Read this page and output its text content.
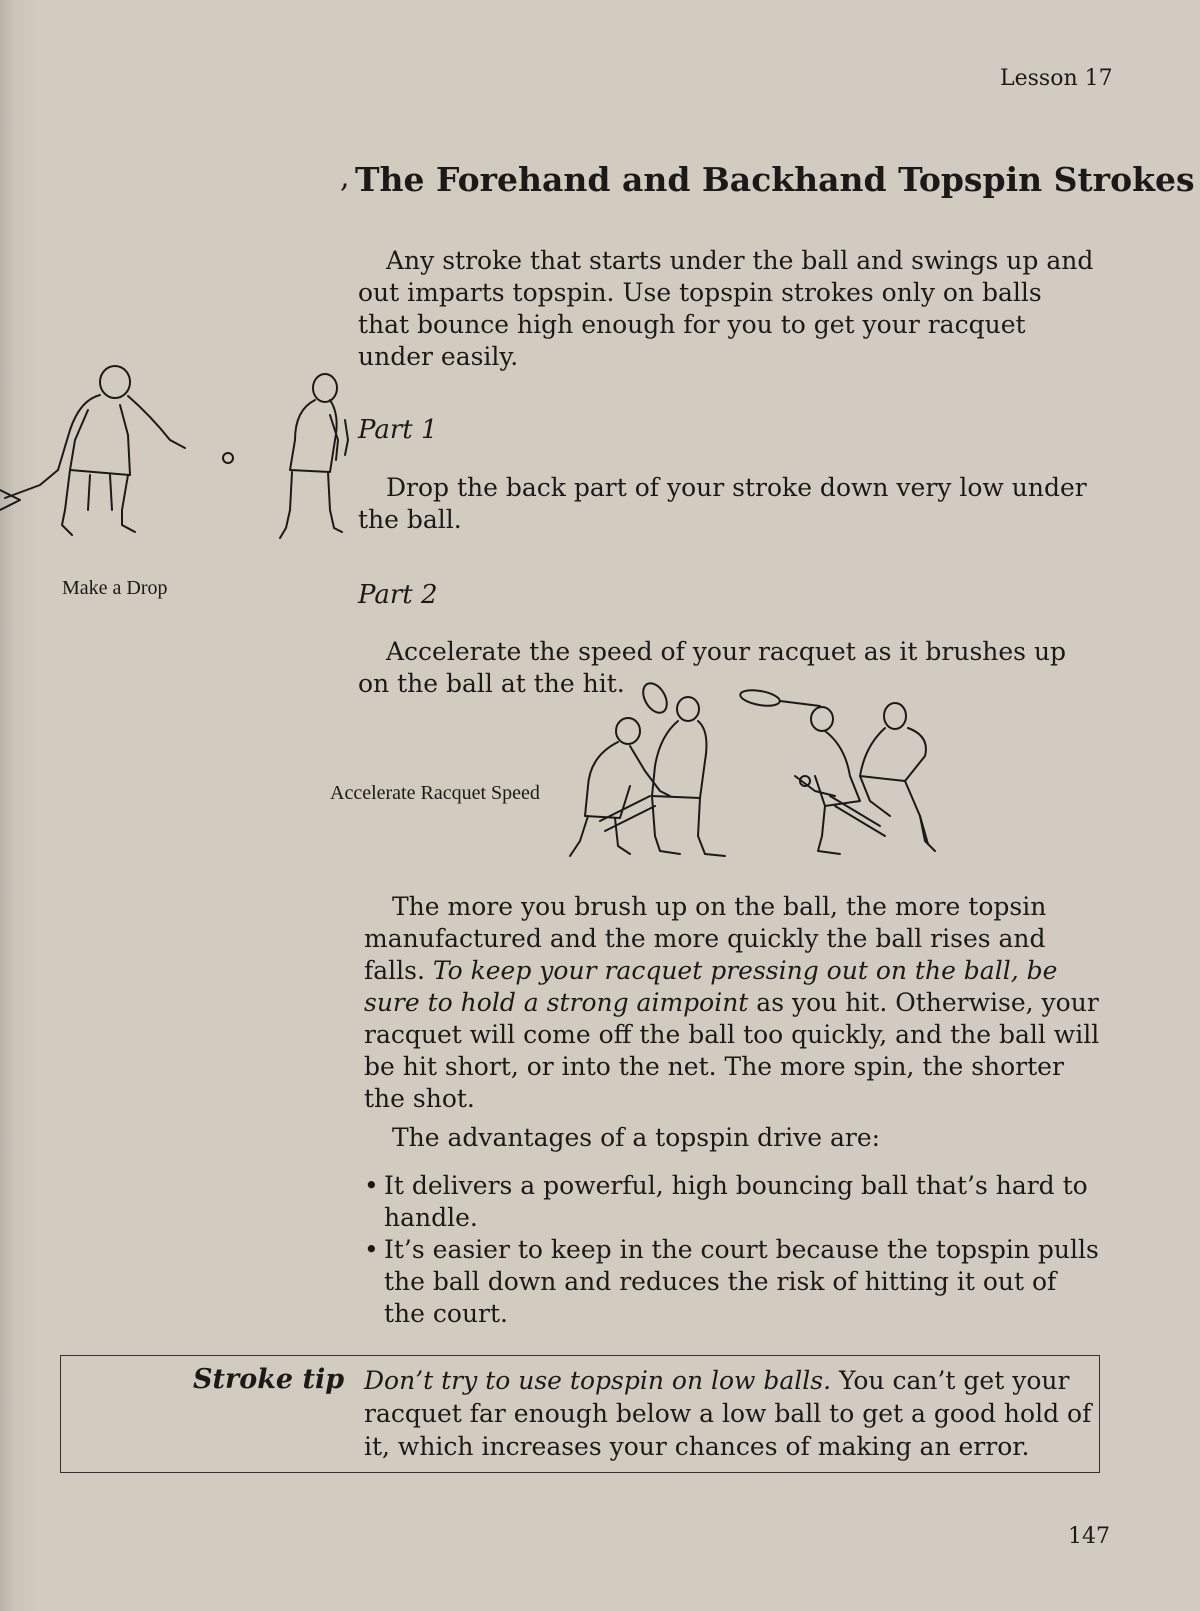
Lesson 17
, The Forehand and Backhand Topspin Strokes

Any stroke that starts under the ball and swings up and out imparts topspin. Use topspin strokes only on balls that bounce high enough for you to get your racquet under easily.

Make a Drop
Part 1

Drop the back part of your stroke down very low under the ball.

Part 2

Accelerate the speed of your racquet as it brushes up on the ball at the hit.

Accelerate Racquet Speed

The more you brush up on the ball, the more topsin manufactured and the more quickly the ball rises and falls. To keep your racquet pressing out on the ball, be sure to hold a strong aimpoint as you hit. Otherwise, your racquet will come off the ball too quickly, and the ball will be hit short, or into the net. The more spin, the shorter the shot.

The advantages of a topspin drive are:

• It delivers a powerful, high bouncing ball that’s hard to handle.
• It’s easier to keep in the court because the topspin pulls the ball down and reduces the risk of hitting it out of the court.
Stroke tip Don’t try to use topspin on low balls. You can’t get your racquet far enough below a low ball to get a good hold of it, which increases your chances of making an error.
147
